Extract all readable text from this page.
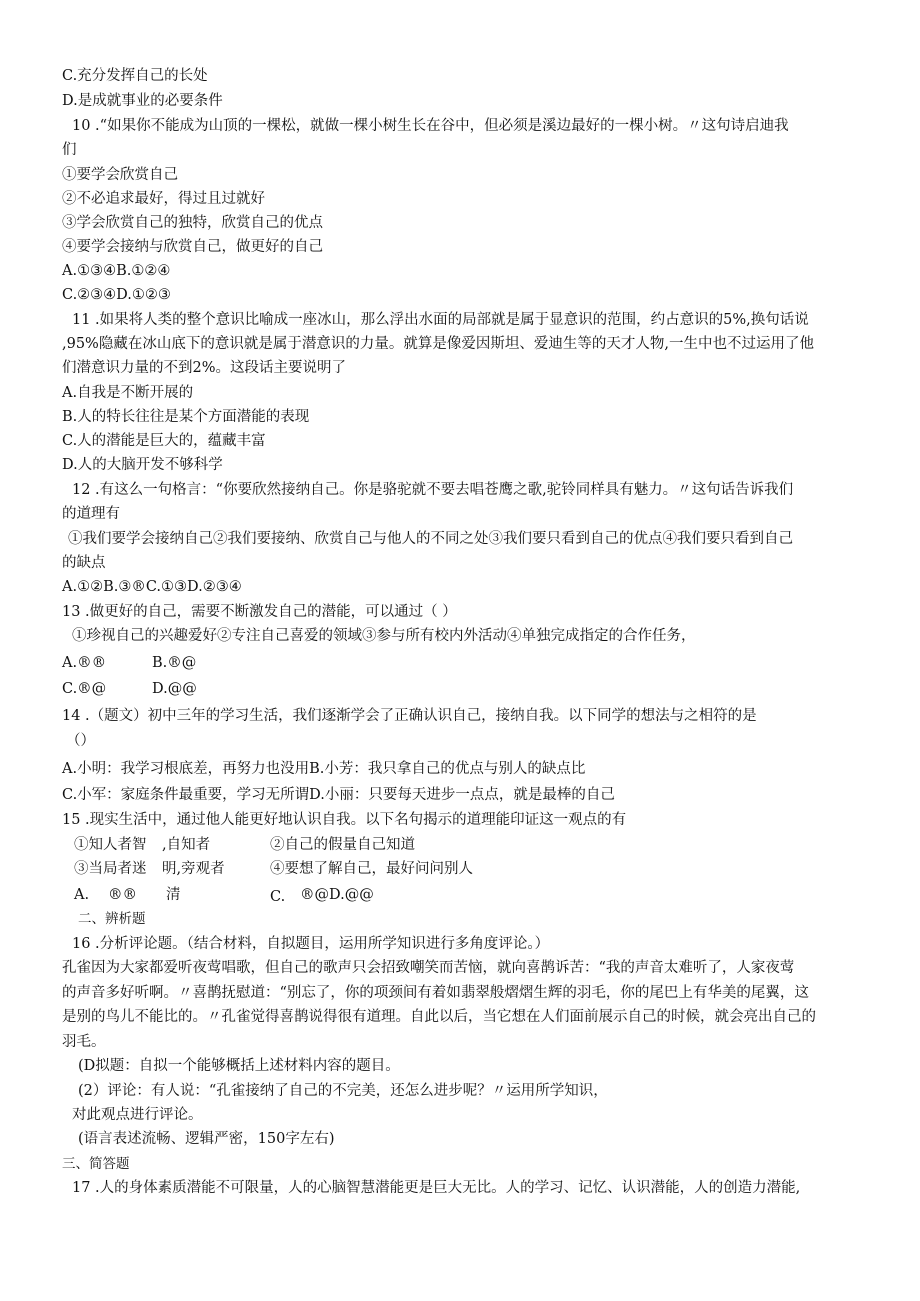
C.充分发挥自己的长处
D.是成就事业的必要条件
10 .“如果你不能成为山顶的一棵松，就做一棵小树生长在谷中，但必须是溪边最好的一棵小树。〃这句诗启迪我
们
①要学会欣赏自己
②不必追求最好，得过且过就好
③学会欣赏自己的独特，欣赏自己的优点
④要学会接纳与欣赏自己，做更好的自己
A.①③④B.①②④
C.②③④D.①②③
11 .如果将人类的整个意识比喻成一座冰山，那么浮出水面的局部就是属于显意识的范围，约占意识的5%,换句话说
,95%隐藏在冰山底下的意识就是属于潜意识的力量。就算是像爱因斯坦、爱迪生等的天才人物,一生中也不过运用了他
们潜意识力量的不到2%。这段话主要说明了
A.自我是不断开展的
B.人的特长往往是某个方面潜能的表现
C.人的潜能是巨大的，蕴藏丰富
D.人的大脑开发不够科学
12 .有这么一句格言：“你要欣然接纳自己。你是骆驼就不要去唱苍鹰之歌,驼铃同样具有魅力。〃这句话告诉我们
的道理有
①我们要学会接纳自己②我们要接纳、欣赏自己与他人的不同之处③我们要只看到自己的优点④我们要只看到自己
的缺点
A.①②B.③®C.①③D.②③④
13 .做更好的自己，需要不断激发自己的潜能，可以通过（ ）
①珍视自己的兴趣爱好②专注自己喜爱的领域③参与所有校内外活动④单独完成指定的合作任务，
A.®®	B.®@
C.®@	D.@@
14 .（题文）初中三年的学习生活，我们逐渐学会了正确认识自己，接纳自我。以下同学的想法与之相符的是
（）
A.小明：我学习根底差，再努力也没用B.小芳：我只拿自己的优点与别人的缺点比
C.小军：家庭条件最重要，学习无所谓D.小丽：只要每天进步一点点，就是最棒的自己
15 .现实生活中，通过他人能更好地认识自我。以下名句揭示的道理能印证这一观点的有
①知人者智 ,自知者	②自己的假量自己知道
③当局者迷 明,旁观者	④要想了解自己，最好问问别人
A. ®® 清	C. ®@D.@@
二、辨析题
16 .分析评论题。（结合材料，自拟题目，运用所学知识进行多角度评论。）
孔雀因为大家都爱听夜莺唱歌，但自己的歌声只会招致嘲笑而苦恼，就向喜鹊诉苦：“我的声音太难听了，人家夜莺
的声音多好听啊。〃喜鹊抚慰道：“别忘了，你的项颈间有着如翡翠般熠熠生辉的羽毛，你的尾巴上有华美的尾翼，这
是别的鸟儿不能比的。〃孔雀觉得喜鹊说得很有道理。自此以后，当它想在人们面前展示自己的时候，就会亮出自己的
羽毛。
(D拟题：自拟一个能够概括上述材料内容的题目。
(2）评论：有人说：“孔雀接纳了自己的不完美，还怎么进步呢？〃运用所学知识，
对此观点进行评论。
(语言表述流畅、逻辑严密，150字左右)
三、简答题
17 .人的身体素质潜能不可限量，人的心脑智慧潜能更是巨大无比。人的学习、记忆、认识潜能，人的创造力潜能,
